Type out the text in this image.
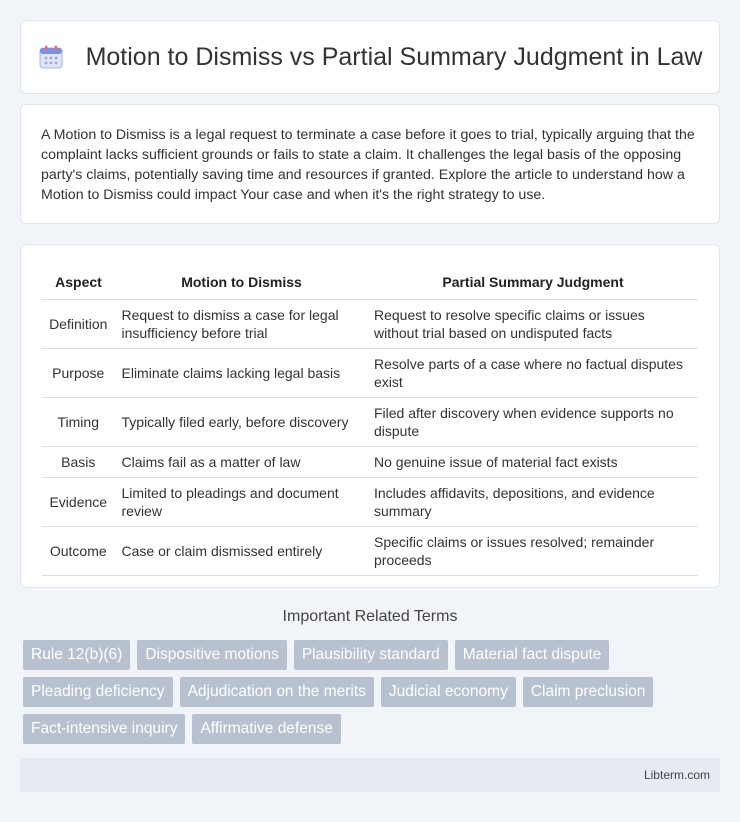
Motion to Dismiss vs Partial Summary Judgment in Law

A Motion to Dismiss is a legal request to terminate a case before it goes to trial, typically arguing that the complaint lacks sufficient grounds or fails to state a claim. It challenges the legal basis of the opposing party's claims, potentially saving time and resources if granted. Explore the article to understand how a Motion to Dismiss could impact Your case and when it's the right strategy to use.

Aspect	Motion to Dismiss	Partial Summary Judgment
Definition	Request to dismiss a case for legal insufficiency before trial	Request to resolve specific claims or issues without trial based on undisputed facts
Purpose	Eliminate claims lacking legal basis	Resolve parts of a case where no factual disputes exist
Timing	Typically filed early, before discovery	Filed after discovery when evidence supports no dispute
Basis	Claims fail as a matter of law	No genuine issue of material fact exists
Evidence	Limited to pleadings and document review	Includes affidavits, depositions, and evidence summary
Outcome	Case or claim dismissed entirely	Specific claims or issues resolved; remainder proceeds
Important Related Terms
Rule 12(b)(6)	Dispositive motions	Plausibility standard	Material fact dispute
Pleading deficiency	Adjudication on the merits	Judicial economy	Claim preclusion
Fact-intensive inquiry	Affirmative defense
Libterm.com
